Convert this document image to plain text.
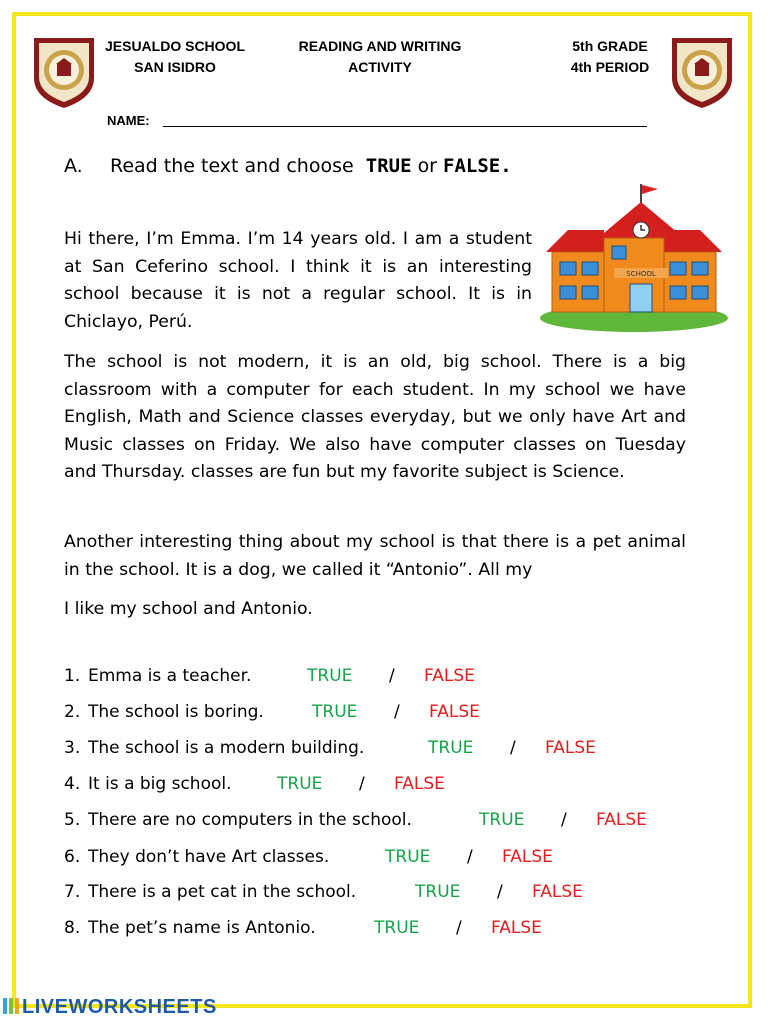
JESUALDO SCHOOL
SAN ISIDRO
READING AND WRITING
ACTIVITY
5th GRADE
4th PERIOD
NAME:
A. Read the text and choose TRUE or FALSE.
SCHOOL

Hi there, I’m Emma. I’m 14 years old. I am a student at San Ceferino school. I think it is an interesting school because it is not a regular school. It is in Chiclayo, Perú.

The school is not modern, it is an old, big school. There is a big classroom with a computer for each student. In my school we have English, Math and Science classes everyday, but we only have Art and Music classes on Friday. We also have computer classes on Tuesday and Thursday. classes are fun but my favorite subject is Science.

Another interesting thing about my school is that there is a pet animal in the school. It is a dog, we called it “Antonio”. All my

I like my school and Antonio.

1. Emma is a teacher.	TRUE / FALSE
2. The school is boring.	TRUE / FALSE
3. The school is a modern building.	TRUE / FALSE
4. It is a big school.	TRUE / FALSE
5. There are no computers in the school.	TRUE / FALSE
6. They don’t have Art classes.	TRUE / FALSE
7. There is a pet cat in the school.	TRUE / FALSE
8. The pet’s name is Antonio.	TRUE / FALSE
LIVEWORKSHEETS
